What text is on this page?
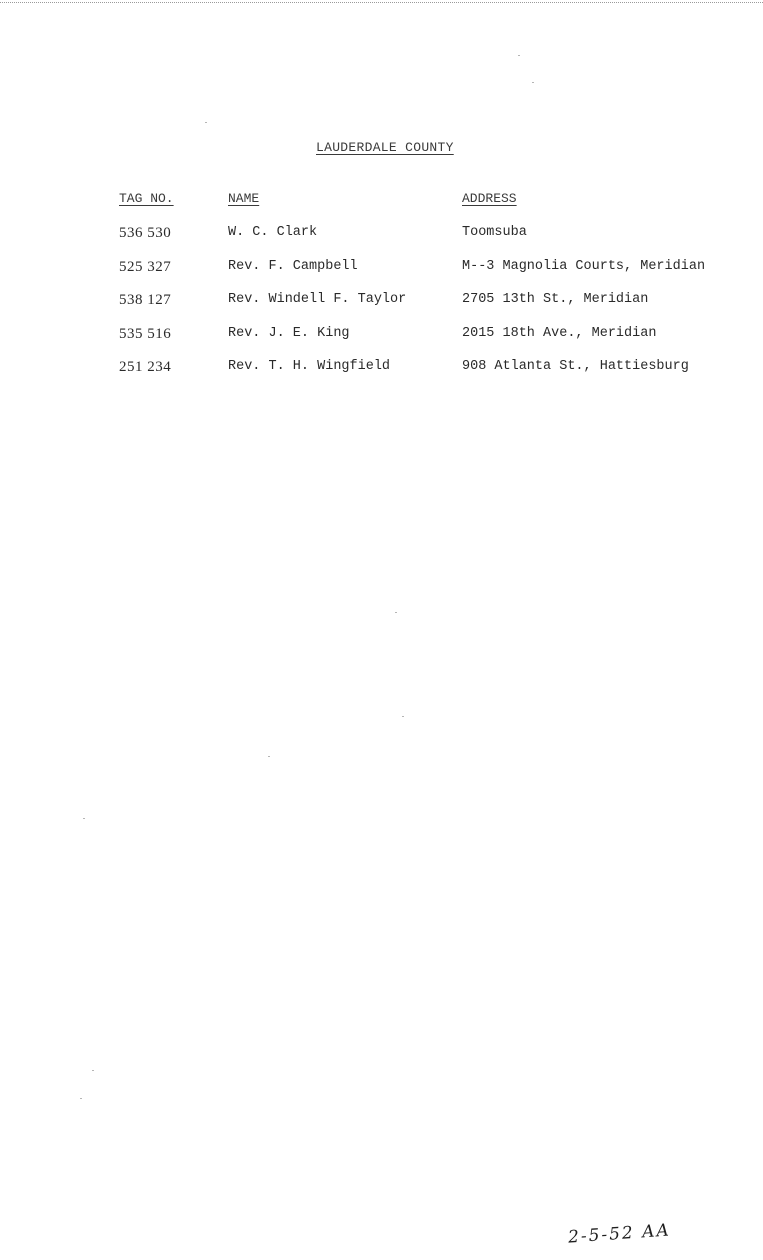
LAUDERDALE COUNTY
TAG NO.	NAME	ADDRESS
536 530	W. C. Clark	Toomsuba
525 327	Rev. F. Campbell	M--3 Magnolia Courts, Meridian
538 127	Rev. Windell F. Taylor	2705 13th St., Meridian
535 516	Rev. J. E. King	2015 18th Ave., Meridian
251 234	Rev. T. H. Wingfield	908 Atlanta St., Hattiesburg
2-5-52 AA
